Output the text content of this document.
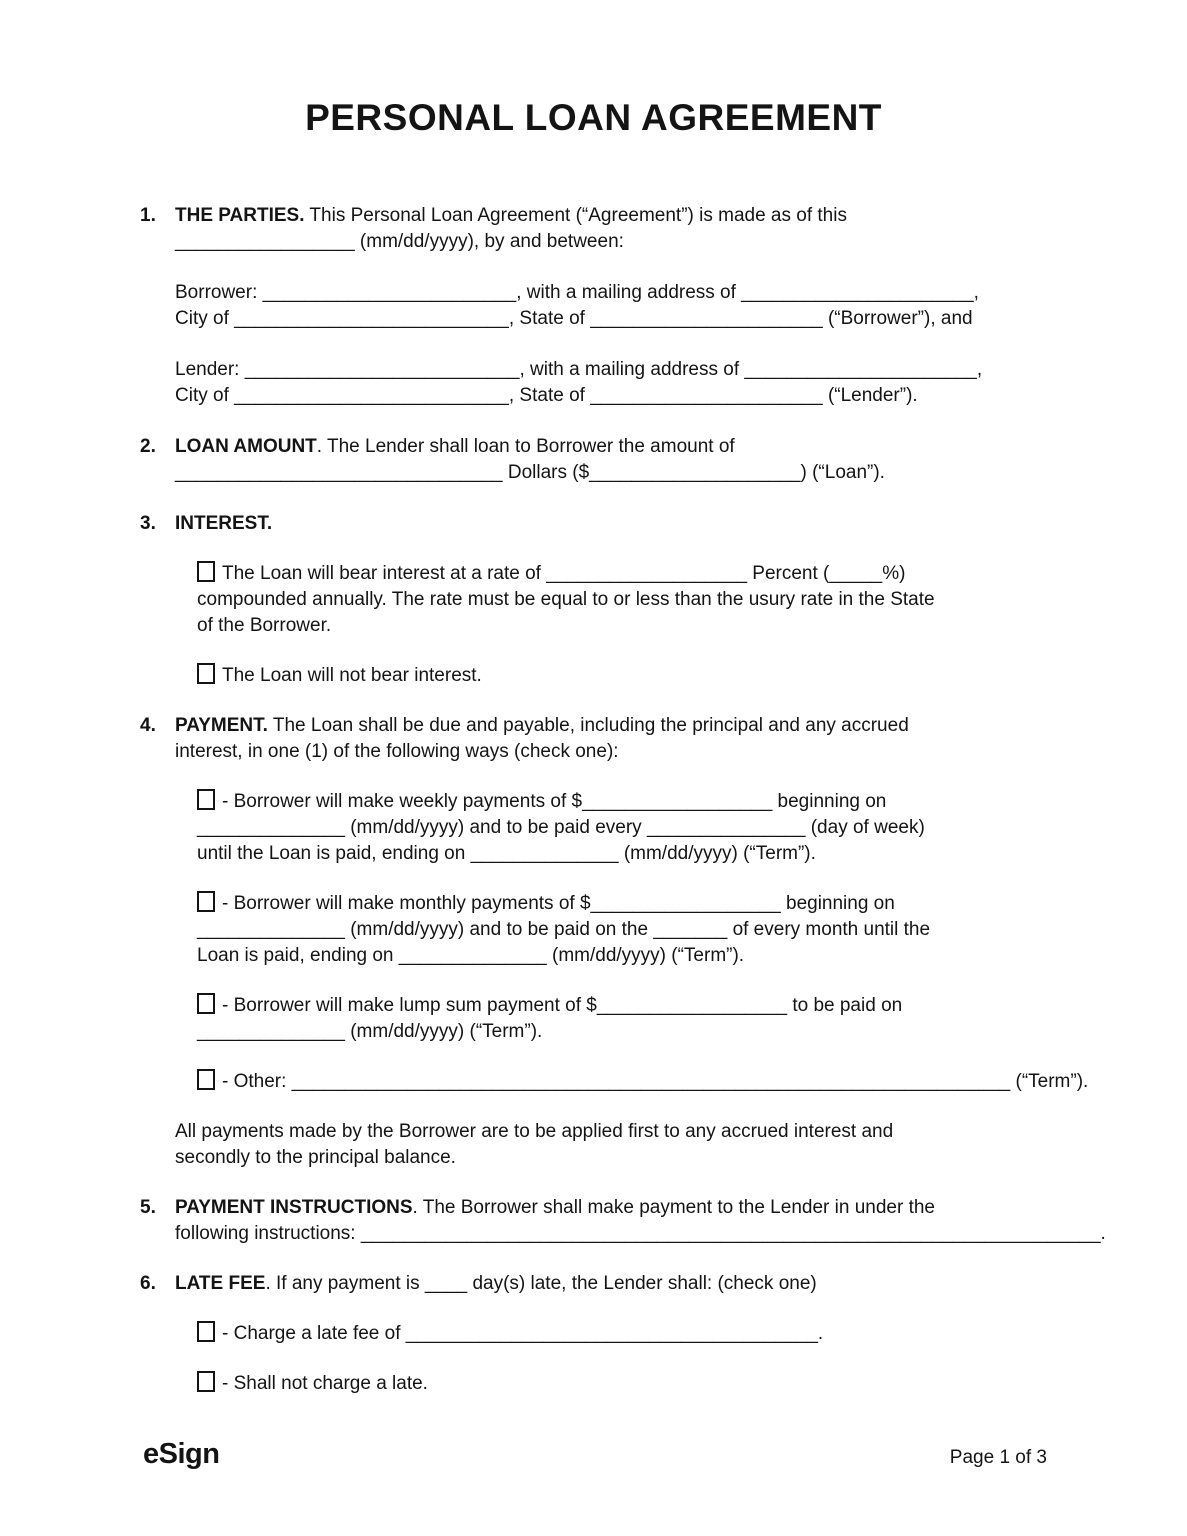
PERSONAL LOAN AGREEMENT
1.	THE PARTIES. This Personal Loan Agreement (“Agreement”) is made as of this
_________________ (mm/dd/yyyy), by and between:
Borrower: ________________________, with a mailing address of ______________________,
City of __________________________, State of ______________________ (“Borrower”), and
Lender: __________________________, with a mailing address of ______________________,
City of __________________________, State of ______________________ (“Lender”).
2.	LOAN AMOUNT. The Lender shall loan to Borrower the amount of
_______________________________ Dollars ($____________________) (“Loan”).
3.	INTEREST.
The Loan will bear interest at a rate of ___________________ Percent (_____%)
compounded annually. The rate must be equal to or less than the usury rate in the State
of the Borrower.
The Loan will not bear interest.
4.	PAYMENT. The Loan shall be due and payable, including the principal and any accrued
interest, in one (1) of the following ways (check one):
- Borrower will make weekly payments of $__________________ beginning on
______________ (mm/dd/yyyy) and to be paid every _______________ (day of week)
until the Loan is paid, ending on ______________ (mm/dd/yyyy) (“Term”).
- Borrower will make monthly payments of $__________________ beginning on
______________ (mm/dd/yyyy) and to be paid on the _______ of every month until the
Loan is paid, ending on ______________ (mm/dd/yyyy) (“Term”).
- Borrower will make lump sum payment of $__________________ to be paid on
______________ (mm/dd/yyyy) (“Term”).
- Other: ____________________________________________________________________ (“Term”).
All payments made by the Borrower are to be applied first to any accrued interest and
secondly to the principal balance.
5.	PAYMENT INSTRUCTIONS. The Borrower shall make payment to the Lender in under the
following instructions: ______________________________________________________________________.
6.	LATE FEE. If any payment is ____ day(s) late, the Lender shall: (check one)
- Charge a late fee of _______________________________________.
- Shall not charge a late.
eSign	Page 1 of 3
